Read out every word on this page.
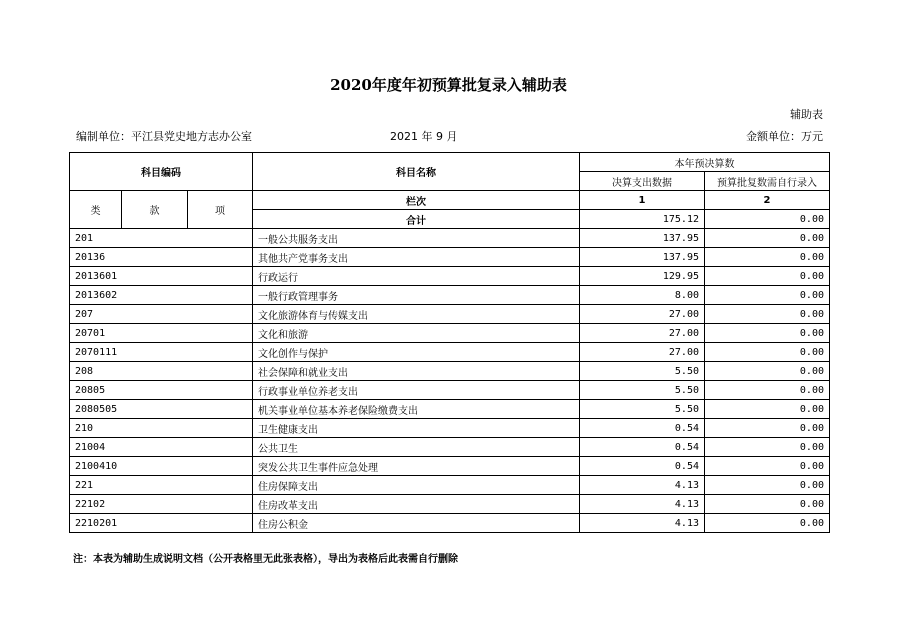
2020年度年初预算批复录入辅助表
辅助表
编制单位：平江县党史地方志办公室	2021 年 9 月	金额单位：万元
科目编码			科目名称	本年预决算数	
				决算支出数据	预算批复数需自行录入
类	款	项	栏次	1	2
			合计	175.12	0.00
201			一般公共服务支出	137.95	0.00
20136			其他共产党事务支出	137.95	0.00
2013601			行政运行	129.95	0.00
2013602			一般行政管理事务	8.00	0.00
207			文化旅游体育与传媒支出	27.00	0.00
20701			文化和旅游	27.00	0.00
2070111			文化创作与保护	27.00	0.00
208			社会保障和就业支出	5.50	0.00
20805			行政事业单位养老支出	5.50	0.00
2080505			机关事业单位基本养老保险缴费支出	5.50	0.00
210			卫生健康支出	0.54	0.00
21004			公共卫生	0.54	0.00
2100410			突发公共卫生事件应急处理	0.54	0.00
221			住房保障支出	4.13	0.00
22102			住房改革支出	4.13	0.00
2210201			住房公积金	4.13	0.00
注：本表为辅助生成说明文档（公开表格里无此张表格），导出为表格后此表需自行删除
